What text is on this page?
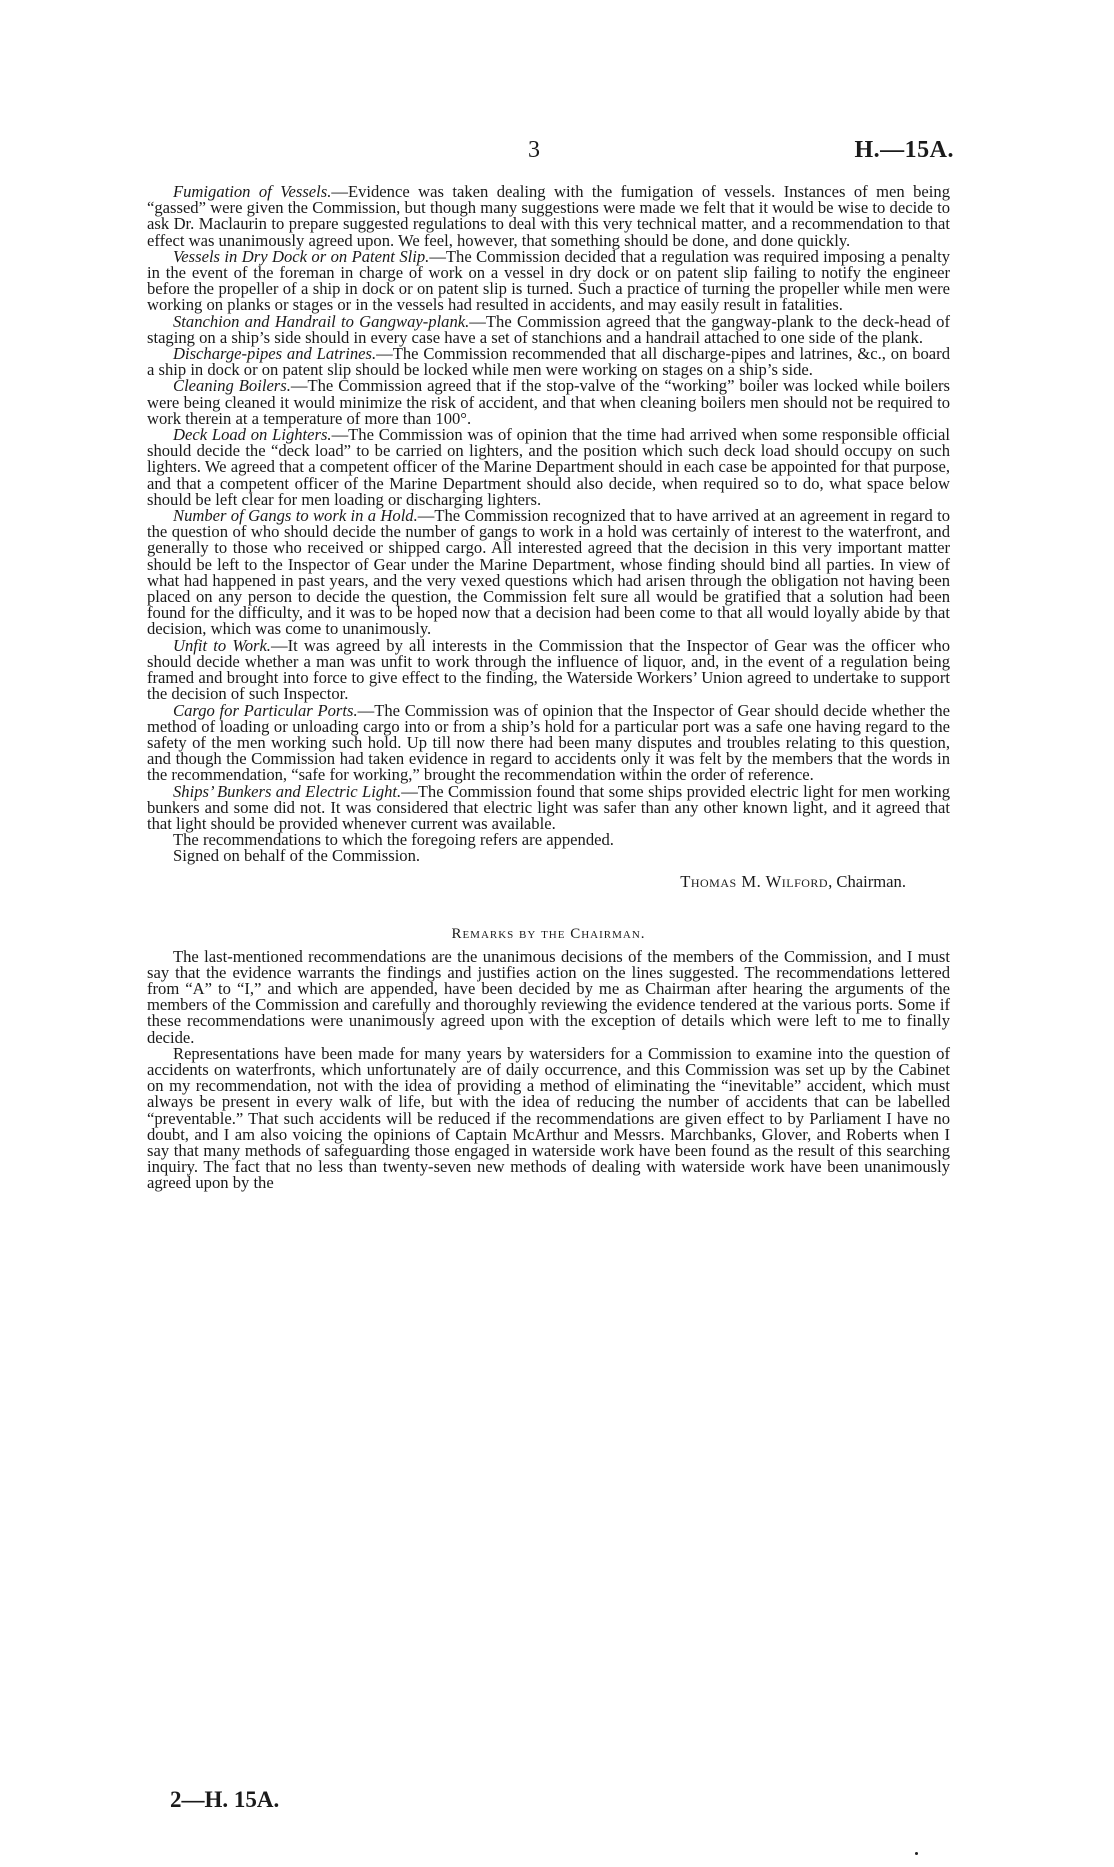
3	H.—15A.

Fumigation of Vessels.—Evidence was taken dealing with the fumigation of vessels. Instances of men being “gassed” were given the Commission, but though many suggestions were made we felt that it would be wise to decide to ask Dr. Maclaurin to prepare suggested regulations to deal with this very technical matter, and a recommendation to that effect was unanimously agreed upon. We feel, however, that something should be done, and done quickly.

Vessels in Dry Dock or on Patent Slip.—The Commission decided that a regulation was required imposing a penalty in the event of the foreman in charge of work on a vessel in dry dock or on patent slip failing to notify the engineer before the propeller of a ship in dock or on patent slip is turned. Such a practice of turning the propeller while men were working on planks or stages or in the vessels had resulted in accidents, and may easily result in fatalities.

Stanchion and Handrail to Gangway-plank.—The Commission agreed that the gangway-plank to the deck-head of staging on a ship’s side should in every case have a set of stanchions and a handrail attached to one side of the plank.

Discharge-pipes and Latrines.—The Commission recommended that all discharge-pipes and latrines, &c., on board a ship in dock or on patent slip should be locked while men were working on stages on a ship’s side.

Cleaning Boilers.—The Commission agreed that if the stop-valve of the “working” boiler was locked while boilers were being cleaned it would minimize the risk of accident, and that when cleaning boilers men should not be required to work therein at a temperature of more than 100°.

Deck Load on Lighters.—The Commission was of opinion that the time had arrived when some responsible official should decide the “deck load” to be carried on lighters, and the position which such deck load should occupy on such lighters. We agreed that a competent officer of the Marine Department should in each case be appointed for that purpose, and that a competent officer of the Marine Department should also decide, when required so to do, what space below should be left clear for men loading or discharging lighters.

Number of Gangs to work in a Hold.—The Commission recognized that to have arrived at an agreement in regard to the question of who should decide the number of gangs to work in a hold was certainly of interest to the waterfront, and generally to those who received or shipped cargo. All interested agreed that the decision in this very important matter should be left to the Inspector of Gear under the Marine Department, whose finding should bind all parties. In view of what had happened in past years, and the very vexed questions which had arisen through the obligation not having been placed on any person to decide the question, the Commission felt sure all would be gratified that a solution had been found for the difficulty, and it was to be hoped now that a decision had been come to that all would loyally abide by that decision, which was come to unanimously.

Unfit to Work.—It was agreed by all interests in the Commission that the Inspector of Gear was the officer who should decide whether a man was unfit to work through the influence of liquor, and, in the event of a regulation being framed and brought into force to give effect to the finding, the Waterside Workers’ Union agreed to undertake to support the decision of such Inspector.

Cargo for Particular Ports.—The Commission was of opinion that the Inspector of Gear should decide whether the method of loading or unloading cargo into or from a ship’s hold for a particular port was a safe one having regard to the safety of the men working such hold. Up till now there had been many disputes and troubles relating to this question, and though the Commission had taken evidence in regard to accidents only it was felt by the members that the words in the recommendation, “safe for working,” brought the recommendation within the order of reference.

Ships’ Bunkers and Electric Light.—The Commission found that some ships provided electric light for men working bunkers and some did not. It was considered that electric light was safer than any other known light, and it agreed that that light should be provided whenever current was available.

The recommendations to which the foregoing refers are appended.

Signed on behalf of the Commission.

Thomas M. Wilford, Chairman.

Remarks by the Chairman.

The last-mentioned recommendations are the unanimous decisions of the members of the Commission, and I must say that the evidence warrants the findings and justifies action on the lines suggested. The recommendations lettered from “A” to “I,” and which are appended, have been decided by me as Chairman after hearing the arguments of the members of the Commission and carefully and thoroughly reviewing the evidence tendered at the various ports. Some if these recommendations were unanimously agreed upon with the exception of details which were left to me to finally decide.

Representations have been made for many years by watersiders for a Commission to examine into the question of accidents on waterfronts, which unfortunately are of daily occurrence, and this Commission was set up by the Cabinet on my recommendation, not with the idea of providing a method of eliminating the “inevitable” accident, which must always be present in every walk of life, but with the idea of reducing the number of accidents that can be labelled “preventable.” That such accidents will be reduced if the recommendations are given effect to by Parliament I have no doubt, and I am also voicing the opinions of Captain McArthur and Messrs. Marchbanks, Glover, and Roberts when I say that many methods of safeguarding those engaged in waterside work have been found as the result of this searching inquiry. The fact that no less than twenty-seven new methods of dealing with waterside work have been unanimously agreed upon by the

2—H. 15A.
